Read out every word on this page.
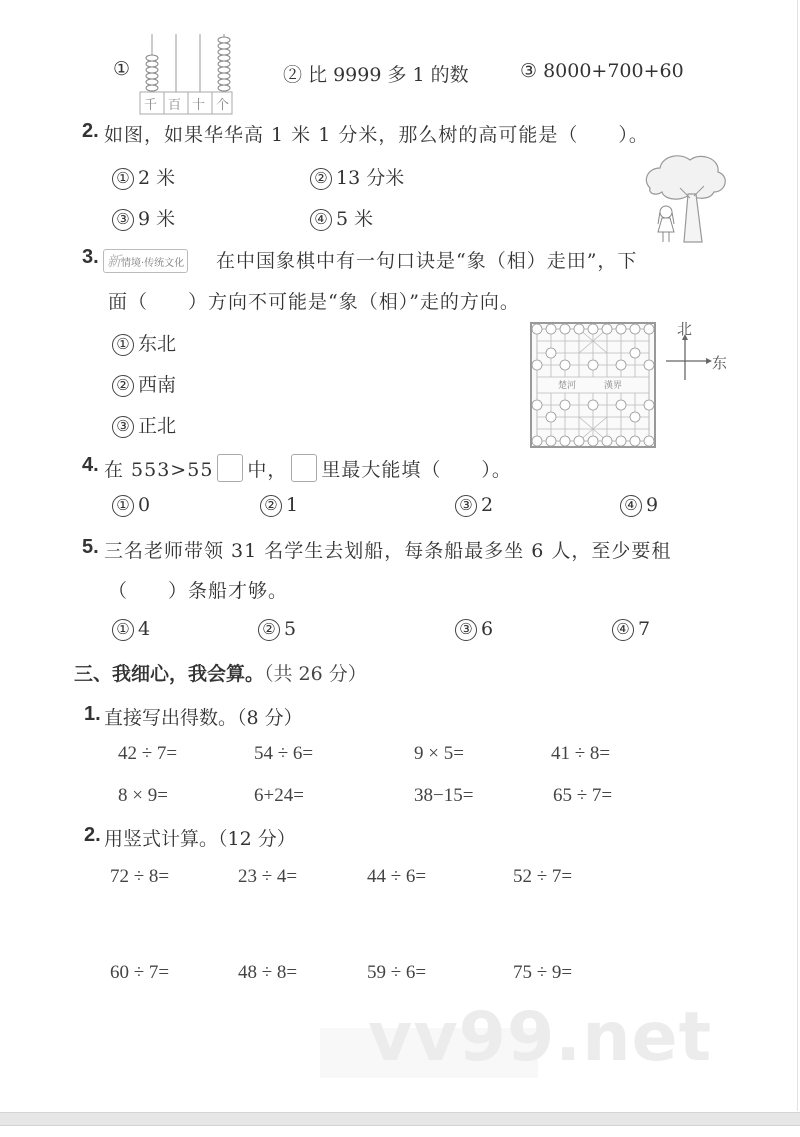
①
千 百 十 个
② 比 9999 多 1 的数	③ 8000+700+60
2. 如图，如果华华高 1 米 1 分米，那么树的高可能是（　　）。
① 2 米	② 13 分米
③ 9 米	④ 5 米
3. 新情境·传统文化 在中国象棋中有一句口诀是“象（相）走田”，下
面（　　）方向不可能是“象（相）”走的方向。
① 东北
② 西南
③ 正北
楚河	漢界
北
东
4. 在 553>55 中， 里最大能填（　　）。
① 0	② 1	③ 2	④ 9
5. 三名老师带领 31 名学生去划船，每条船最多坐 6 人，至少要租
（　　）条船才够。
① 4	② 5	③ 6	④ 7
三、我细心，我会算。（共 26 分）
1. 直接写出得数。（8 分）
42 ÷ 7=	54 ÷ 6=	9 × 5=	41 ÷ 8=
8 × 9=	6+24=	38−15=	65 ÷ 7=
2. 用竖式计算。（12 分）
72 ÷ 8=	23 ÷ 4=	44 ÷ 6=	52 ÷ 7=
60 ÷ 7=	48 ÷ 8=	59 ÷ 6=	75 ÷ 9=
vv99.net
